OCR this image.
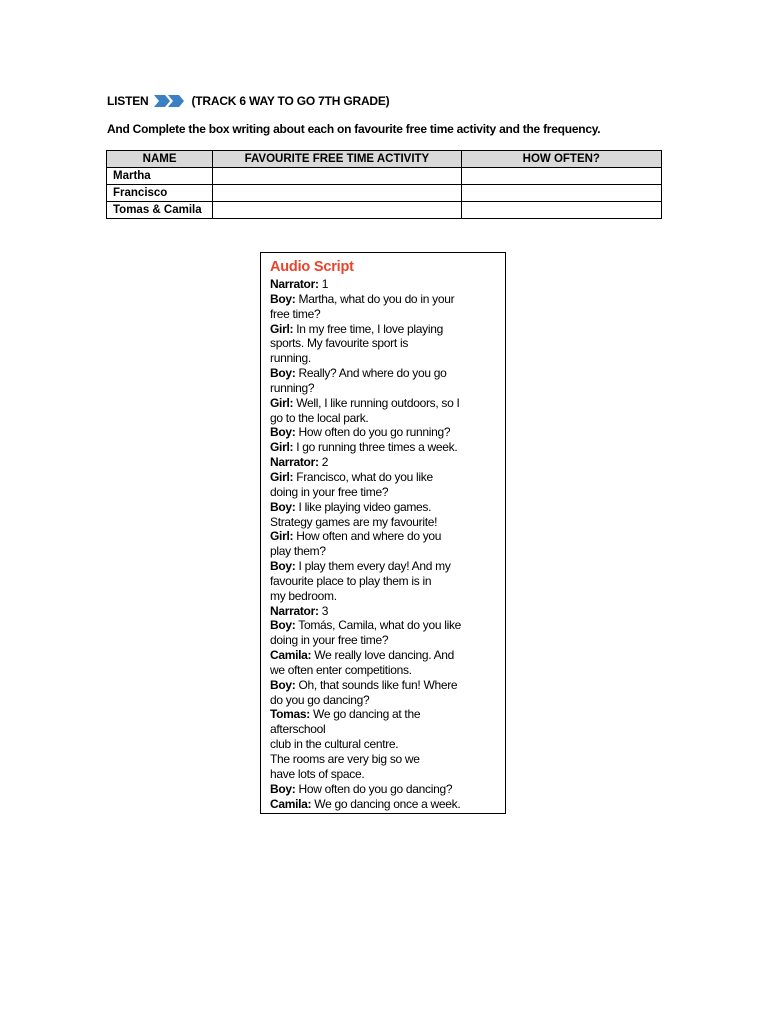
LISTEN	(TRACK 6 WAY TO GO 7TH GRADE)
And Complete the box writing about each on favourite free time activity and the frequency.
NAME	FAVOURITE FREE TIME ACTIVITY	HOW OFTEN?
Martha		
Francisco		
Tomas & Camila		
Audio Script
Narrator: 1
Boy: Martha, what do you do in your
free time?
Girl: In my free time, I love playing
sports. My favourite sport is
running.
Boy: Really? And where do you go
running?
Girl: Well, I like running outdoors, so I
go to the local park.
Boy: How often do you go running?
Girl: I go running three times a week.
Narrator: 2
Girl: Francisco, what do you like
doing in your free time?
Boy: I like playing video games.
Strategy games are my favourite!
Girl: How often and where do you
play them?
Boy: I play them every day! And my
favourite place to play them is in
my bedroom.
Narrator: 3
Boy: Tomás, Camila, what do you like
doing in your free time?
Camila: We really love dancing. And
we often enter competitions.
Boy: Oh, that sounds like fun! Where
do you go dancing?
Tomas: We go dancing at the
afterschool
club in the cultural centre.
The rooms are very big so we
have lots of space.
Boy: How often do you go dancing?
Camila: We go dancing once a week.
